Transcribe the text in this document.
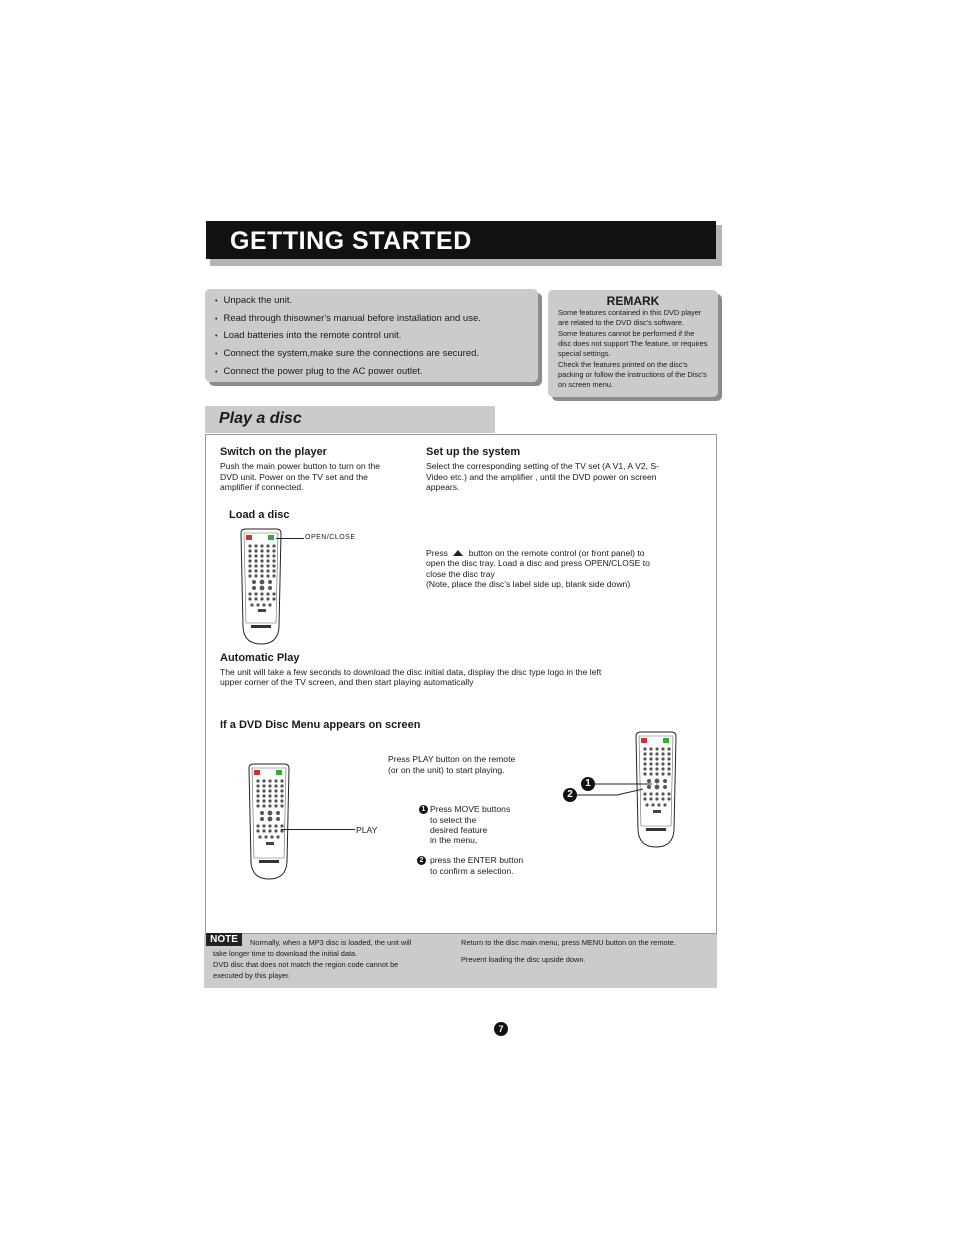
GETTING STARTED
• Unpack the unit.
• Read through thisowner's manual before installation and use.
• Load batteries into the remote control unit.
• Connect the system,make sure the connections are secured.
• Connect the power plug to the AC power outlet.
REMARK
Some features contained in this DVD player
are related to the DVD disc's software.
Some features cannot be performed if the
disc does not support The feature, or requires
special settings.
Check the features printed on the disc's
packing or follow the instructions of the Disc's
on screen menu.
Play a disc
Switch on the player
Push the main power button to turn on the
DVD unit. Power on the TV set and the
amplifier if connected.
Set up the system
Select the corresponding setting of the TV set (A V1, A V2, S-
Video etc.) and the amplifier , until the DVD power on screen
appears.
Load a disc
OPEN/CLOSE
Press button on the remote control (or front panel) to
open the disc tray. Load a disc and press OPEN/CLOSE to
close the disc tray
(Note, place the disc's label side up, blank side down)
Automatic Play
The unit will take a few seconds to download the disc initial data, display the disc type logo in the left
upper corner of the TV screen, and then start playing automatically
If a DVD Disc Menu appears on screen
PLAY
Press PLAY button on the remote
(or on the unit) to start playing.
1 Press MOVE buttons
to select the
desired feature
in the menu,
2 press the ENTER button
to confirm a selection.
1
2
NOTE	Normally, when a MP3 disc is loaded, the unit will
take longer time to download the initial data.
DVD disc that does not match the region code cannot be
executed by this player.
Return to the disc main menu, press MENU button on the remote.
Prevent loading the disc upside down.
7
